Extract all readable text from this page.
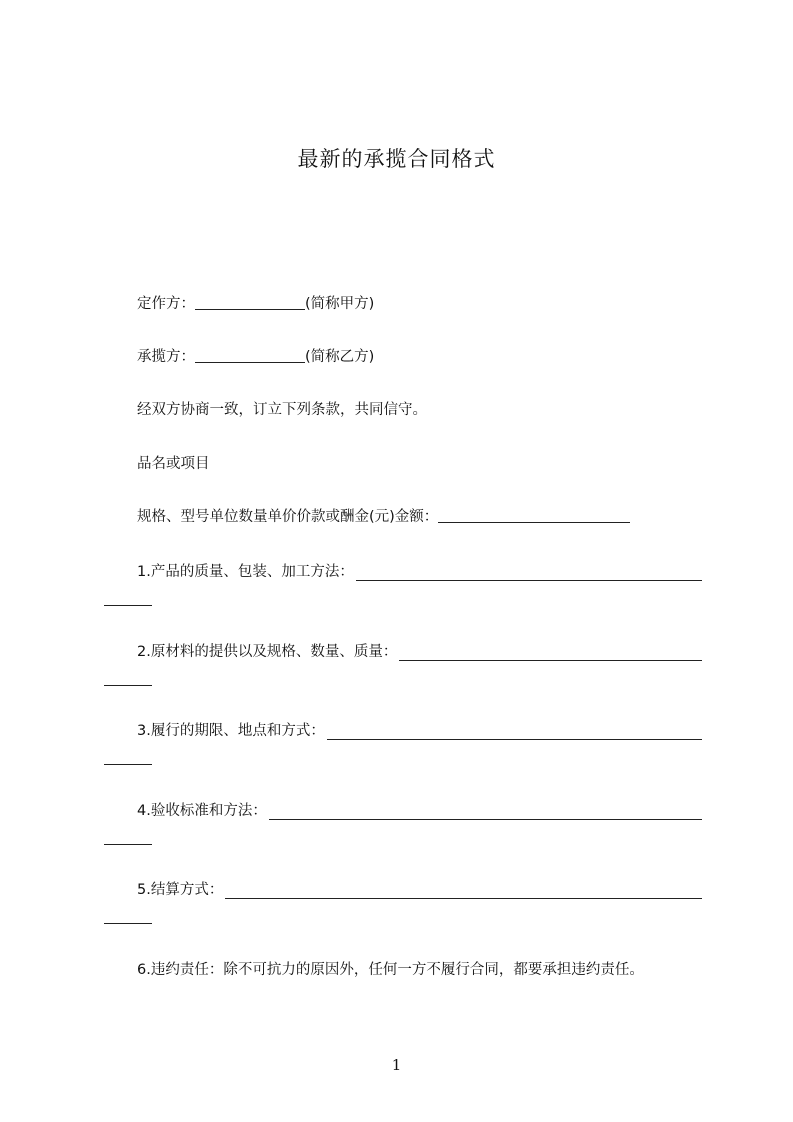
最新的承揽合同格式
定作方：	(简称甲方)
承揽方：	(简称乙方)
经双方协商一致，订立下列条款，共同信守。
品名或项目
规格、型号单位数量单价价款或酬金(元)金额：
1.产品的质量、包装、加工方法：
2.原材料的提供以及规格、数量、质量：
3.履行的期限、地点和方式：
4.验收标准和方法：
5.结算方式：
6.违约责任：除不可抗力的原因外，任何一方不履行合同，都要承担违约责任。
1
